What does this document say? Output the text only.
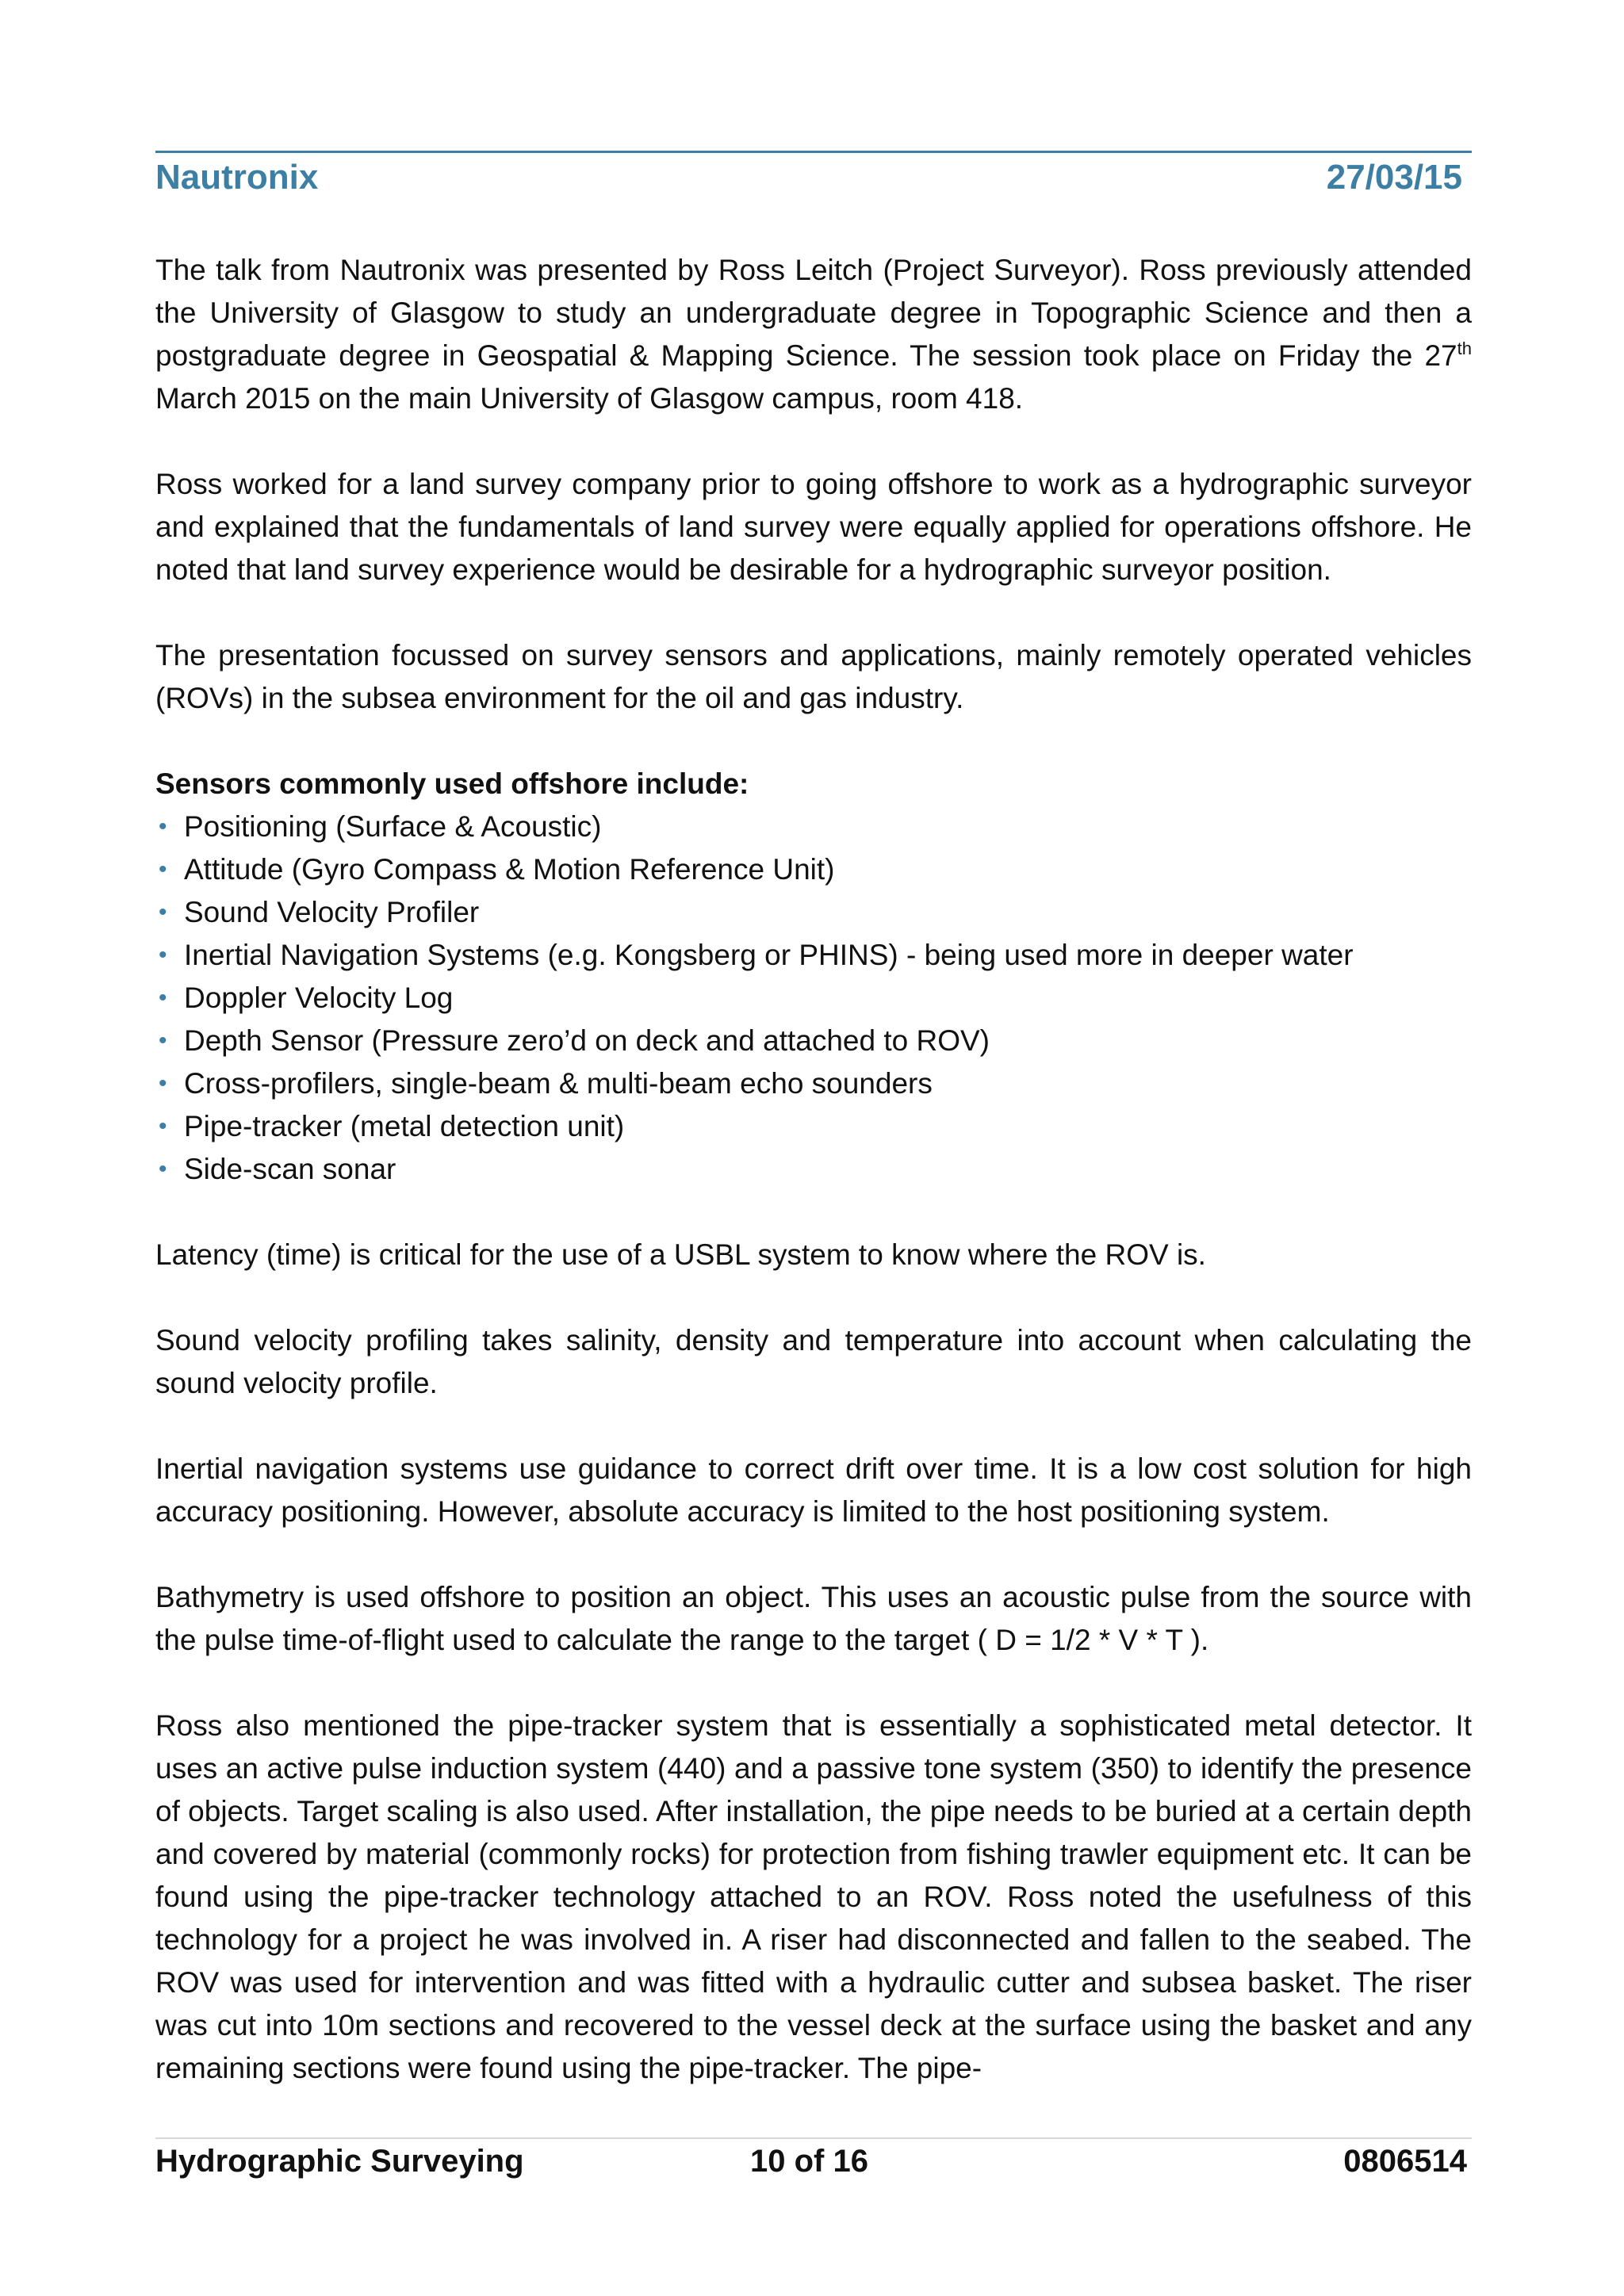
Nautronix	27/03/15

The talk from Nautronix was presented by Ross Leitch (Project Surveyor). Ross previously attended the University of Glasgow to study an undergraduate degree in Topographic Science and then a postgraduate degree in Geospatial & Mapping Science. The session took place on Friday the 27th March 2015 on the main University of Glasgow campus, room 418.

Ross worked for a land survey company prior to going offshore to work as a hydrographic surveyor and explained that the fundamentals of land survey were equally applied for operations offshore. He noted that land survey experience would be desirable for a hydrographic surveyor position.

The presentation focussed on survey sensors and applications, mainly remotely operated vehicles (ROVs) in the subsea environment for the oil and gas industry.

Sensors commonly used offshore include:
• Positioning (Surface & Acoustic)
• Attitude (Gyro Compass & Motion Reference Unit)
• Sound Velocity Profiler
• Inertial Navigation Systems (e.g. Kongsberg or PHINS) - being used more in deeper water
• Doppler Velocity Log
• Depth Sensor (Pressure zero’d on deck and attached to ROV)
• Cross-profilers, single-beam & multi-beam echo sounders
• Pipe-tracker (metal detection unit)
• Side-scan sonar

Latency (time) is critical for the use of a USBL system to know where the ROV is.

Sound velocity profiling takes salinity, density and temperature into account when calculating the sound velocity profile.

Inertial navigation systems use guidance to correct drift over time. It is a low cost solution for high accuracy positioning. However, absolute accuracy is limited to the host positioning system.

Bathymetry is used offshore to position an object. This uses an acoustic pulse from the source with the pulse time-of-flight used to calculate the range to the target ( D = 1/2 * V * T ).

Ross also mentioned the pipe-tracker system that is essentially a sophisticated metal detector. It uses an active pulse induction system (440) and a passive tone system (350) to identify the presence of objects. Target scaling is also used. After installation, the pipe needs to be buried at a certain depth and covered by material (commonly rocks) for protection from fishing trawler equipment etc. It can be found using the pipe-tracker technology attached to an ROV. Ross noted the usefulness of this technology for a project he was involved in. A riser had disconnected and fallen to the seabed. The ROV was used for intervention and was fitted with a hydraulic cutter and subsea basket. The riser was cut into 10m sections and recovered to the vessel deck at the surface using the basket and any remaining sections were found using the pipe-tracker. The pipe-

Hydrographic Surveying	10 of 16	0806514
